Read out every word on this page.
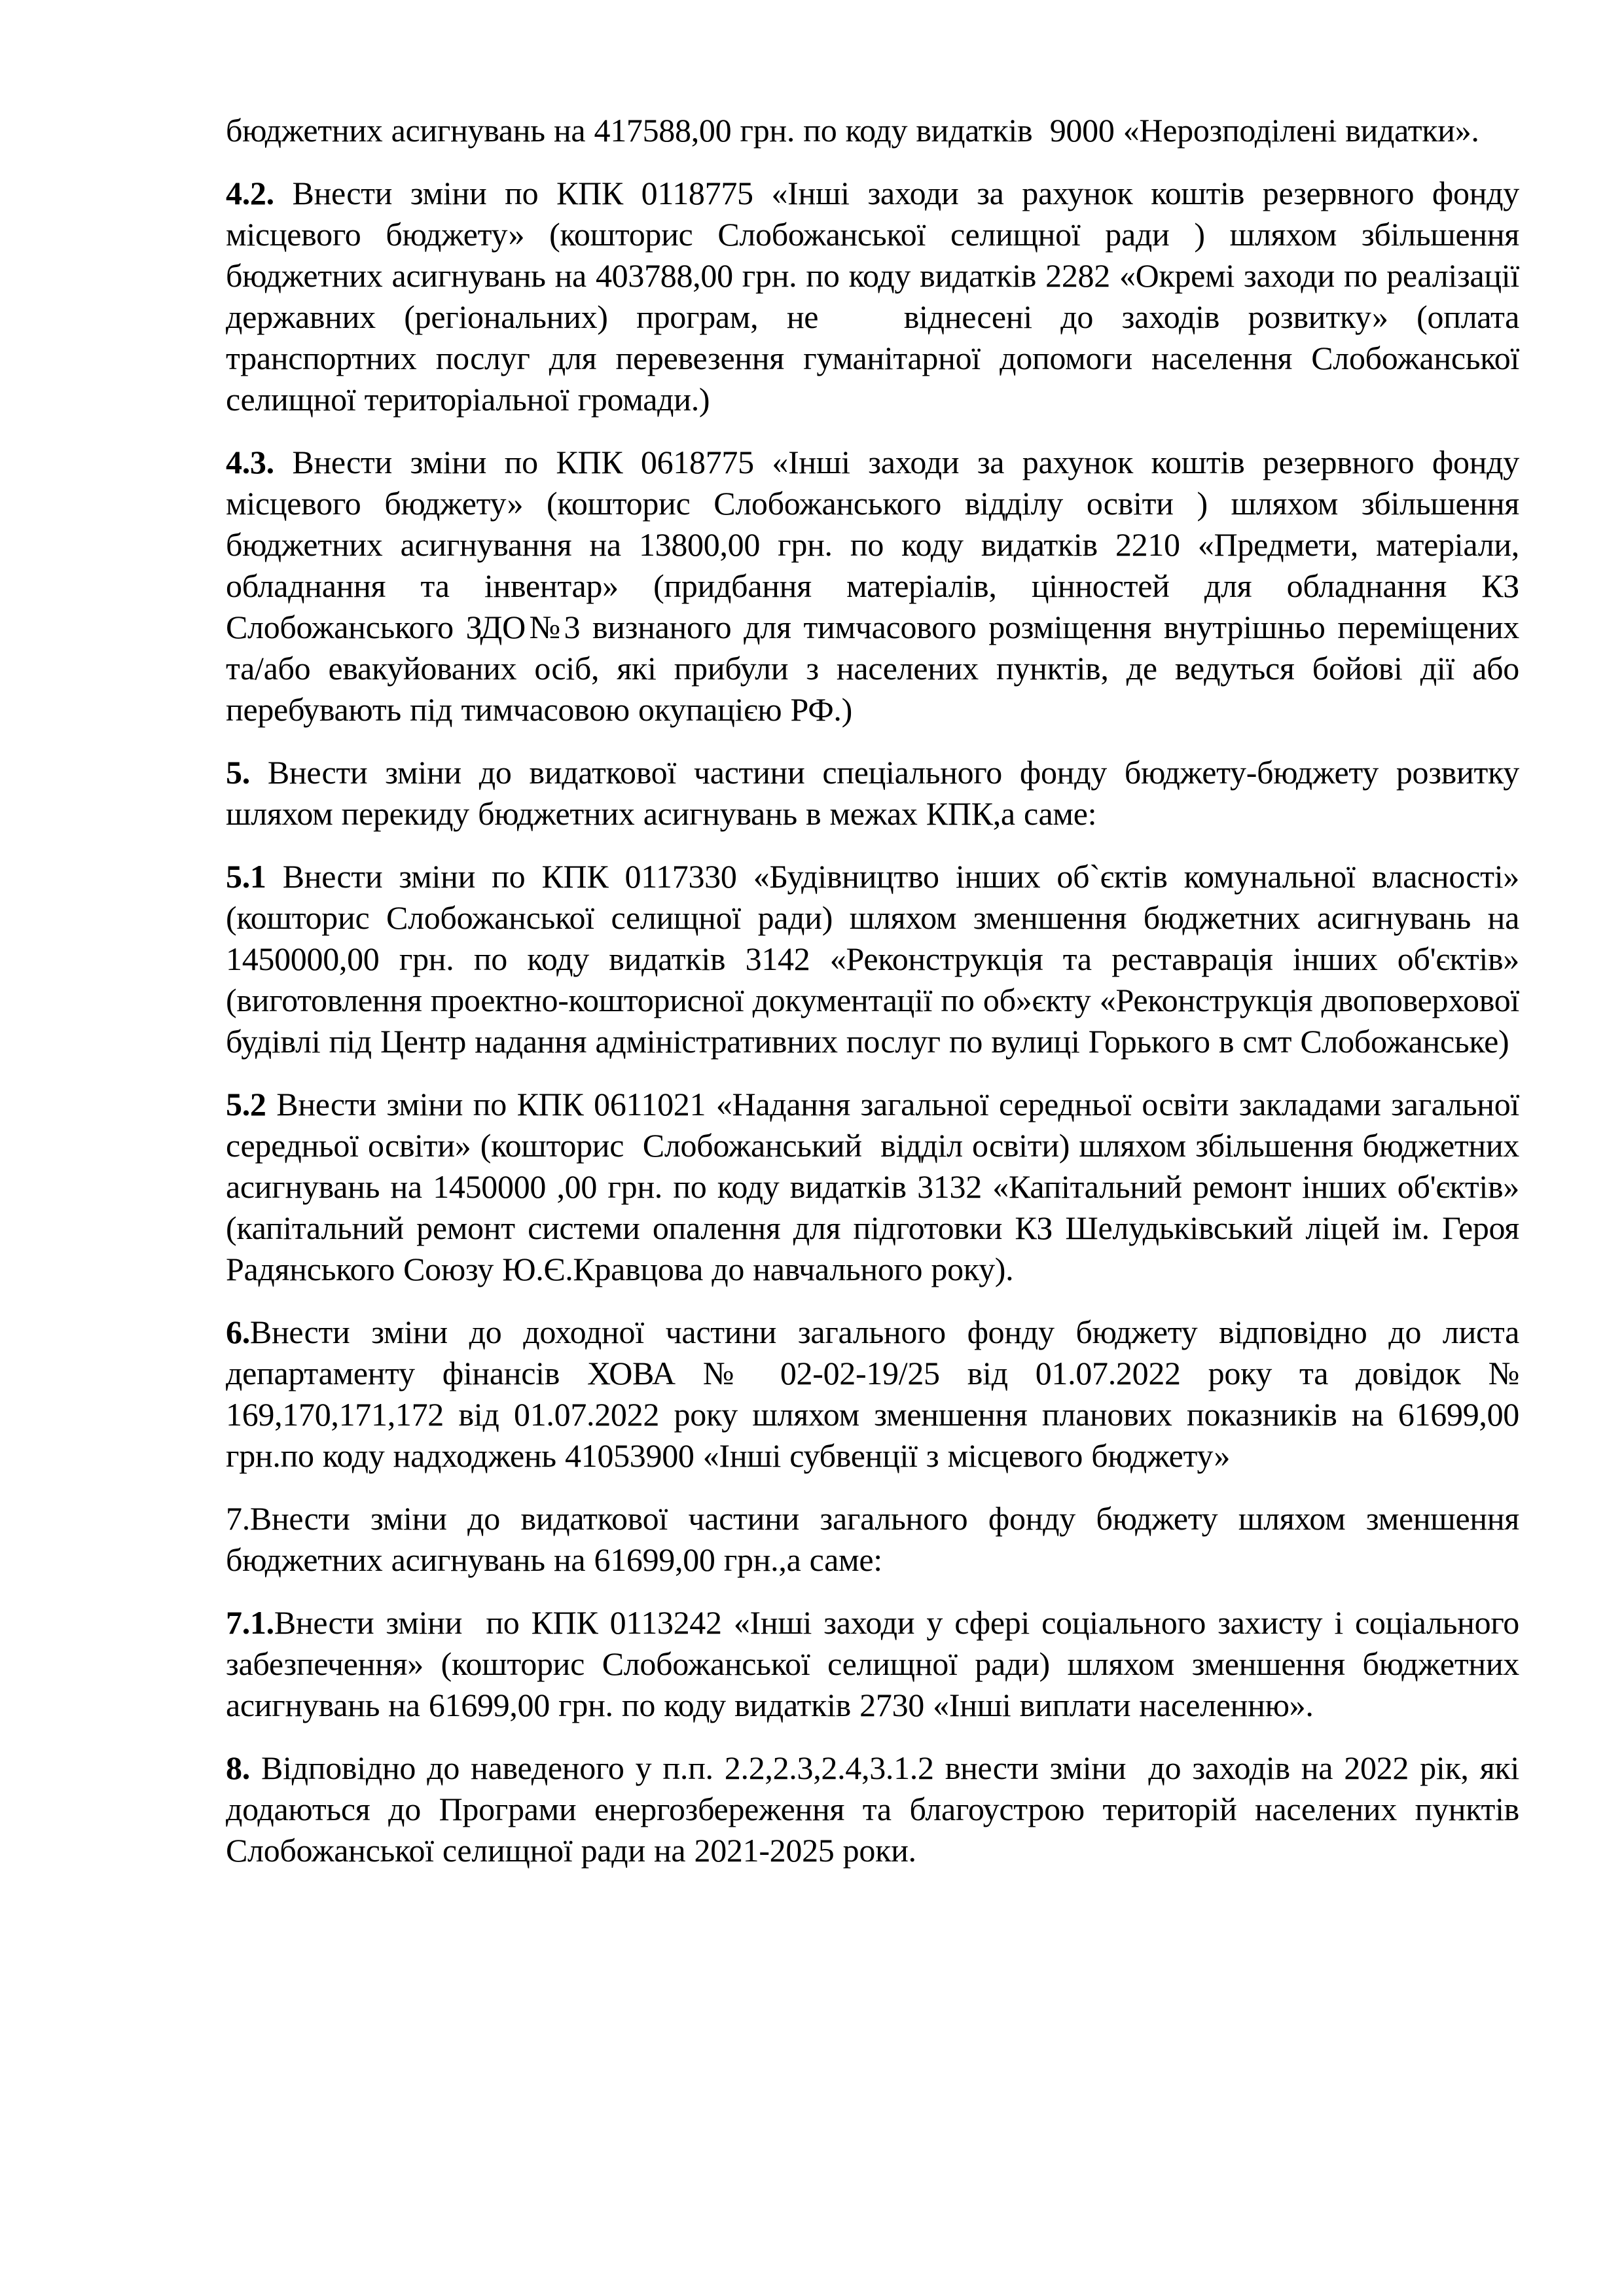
бюджетних асигнувань на 417588,00 грн. по коду видатків  9000 «Нерозподілені видатки».

4.2. Внести зміни по КПК 0118775 «Інші заходи за рахунок коштів резервного фонду місцевого бюджету» (кошторис Слобожанської селищної ради ) шляхом збільшення бюджетних асигнувань на 403788,00 грн. по коду видатків 2282 «Окремі заходи по реалізації державних (регіональних) програм, не   віднесені до заходів розвитку» (оплата транспортних послуг для перевезення гуманітарної допомоги населення Слобожанської селищної територіальної громади.)

4.3. Внести зміни по КПК 0618775 «Інші заходи за рахунок коштів резервного фонду місцевого бюджету» (кошторис Слобожанського відділу освіти ) шляхом збільшення бюджетних асигнування на 13800,00 грн. по коду видатків 2210 «Предмети, матеріали, обладнання та інвентар» (придбання матеріалів, цінностей для обладнання КЗ Слобожанського ЗДО№3 визнаного для тимчасового розміщення внутрішньо переміщених та/або евакуйованих осіб, які прибули з населених пунктів, де ведуться бойові дії або перебувають під тимчасовою окупацією РФ.)

5. Внести зміни до видаткової частини спеціального фонду бюджету-бюджету розвитку шляхом перекиду бюджетних асигнувань в межах КПК,а саме:

5.1 Внести зміни по КПК 0117330 «Будівництво інших об`єктів комунальної власності» (кошторис Слобожанської селищної ради) шляхом зменшення бюджетних асигнувань на 1450000,00 грн. по коду видатків 3142 «Реконструкція та реставрація інших об'єктів» (виготовлення проектно-кошторисної документації по об»єкту «Реконструкція двоповерхової будівлі під Центр надання адміністративних послуг по вулиці Горького в смт Слобожанське)

5.2 Внести зміни по КПК 0611021 «Надання загальної середньої освіти закладами загальної середньої освіти» (кошторис  Слобожанський  відділ освіти) шляхом збільшення бюджетних асигнувань на 1450000 ,00 грн. по коду видатків 3132 «Капітальний ремонт інших об'єктів» (капітальний ремонт системи опалення для підготовки КЗ Шелудьківський ліцей ім. Героя Радянського Союзу Ю.Є.Кравцова до навчального року).

6.Внести зміни до доходної частини загального фонду бюджету відповідно до листа департаменту фінансів ХОВА № 02-02-19/25 від 01.07.2022 року та довідок № 169,170,171,172 від 01.07.2022 року шляхом зменшення планових показників на 61699,00 грн.по коду надходжень 41053900 «Інші субвенції з місцевого бюджету»

7.Внести зміни до видаткової частини загального фонду бюджету шляхом зменшення бюджетних асигнувань на 61699,00 грн.,а саме:

7.1.Внести зміни  по КПК 0113242 «Інші заходи у сфері соціального захисту і соціального забезпечення» (кошторис Слобожанської селищної ради) шляхом зменшення бюджетних асигнувань на 61699,00 грн. по коду видатків 2730 «Інші виплати населенню».

8. Відповідно до наведеного у п.п. 2.2,2.3,2.4,3.1.2 внести зміни  до заходів на 2022 рік, які додаються до Програми енергозбереження та благоустрою територій населених пунктів Слобожанської селищної ради на 2021-2025 роки.
